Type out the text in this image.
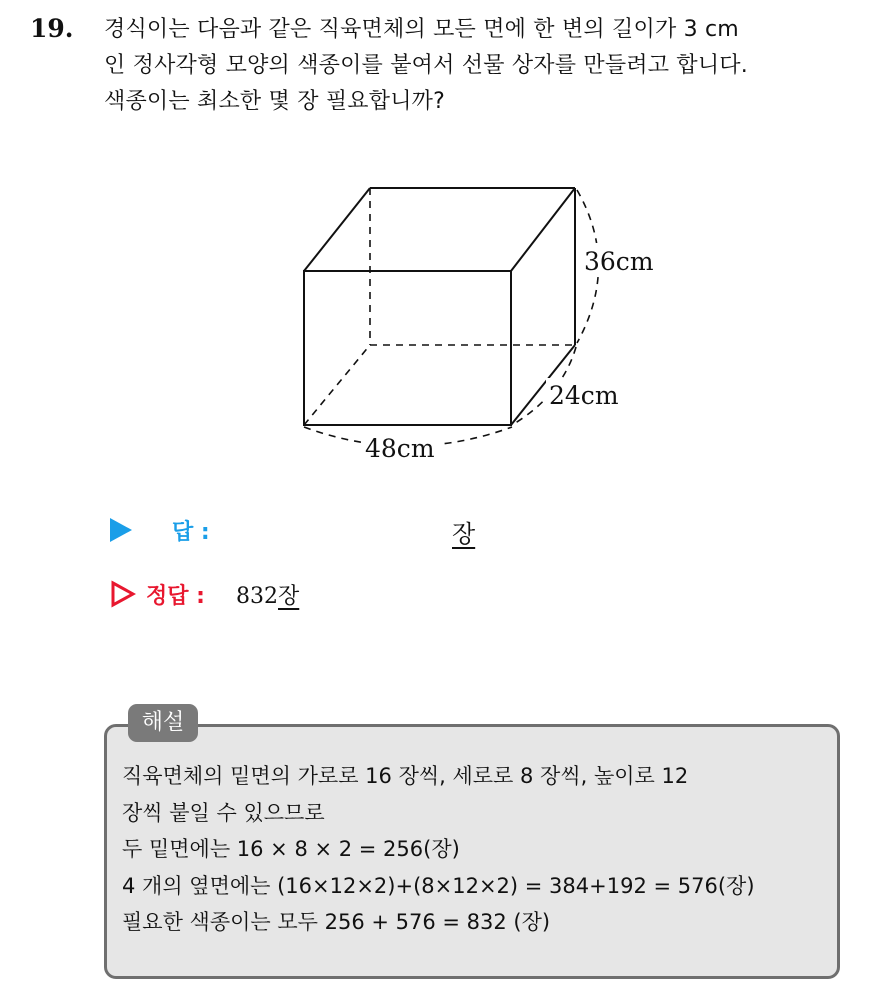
19. 경식이는 다음과 같은 직육면체의 모든 면에 한 변의 길이가 3 cm
인 정사각형 모양의 색종이를 붙여서 선물 상자를 만들려고 합니다.
색종이는 최소한 몇 장 필요합니까?
36cm
24cm
48cm
답 :	장
정답 : 832장
해설
직육면체의 밑면의 가로로 16 장씩, 세로로 8 장씩, 높이로 12
장씩 붙일 수 있으므로
두 밑면에는 16 × 8 × 2 = 256(장)
4 개의 옆면에는 (16×12×2)+(8×12×2) = 384+192 = 576(장)
필요한 색종이는 모두 256 + 576 = 832 (장)
